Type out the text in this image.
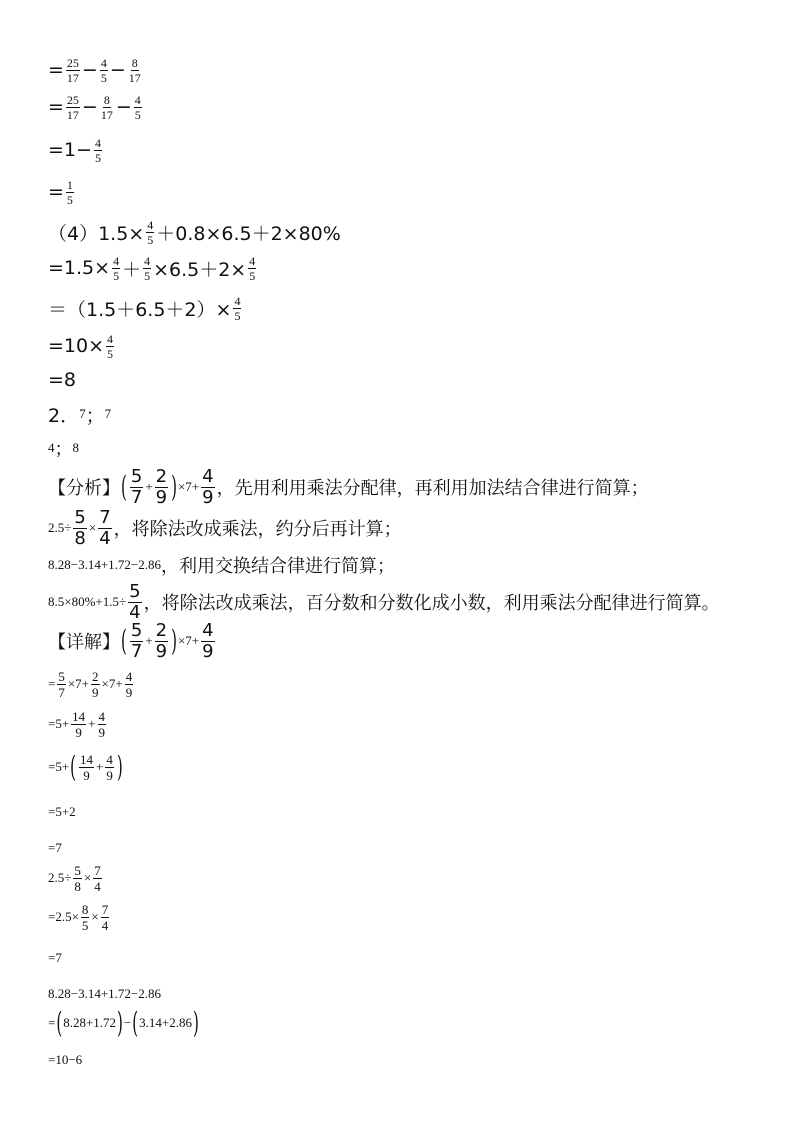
= $\frac{25}{17} - \frac{4}{5} - \frac{8}{17}$
= $\frac{25}{17} - \frac{8}{17} - \frac{4}{5}$
$=1- \frac{4}{5}$
= $\frac{1}{5}$
$(4)1.5\times \frac{4}{5} +0.8\times 6.5+2\times 80\%$
$=1.5\times \frac{4}{5} + \frac{4}{5} \times 6.5+2\times \frac{4}{5}$
$=(1.5+6.5+2)\times \frac{4}{5}$
$=10\times \frac{4}{5}$
=8
2． 7 ； 7
4 ； 8
【分析】 ( $\frac{5}{7} + \frac{2}{9}$ ) $\times 7+ \frac{4}{9}$ ，先用利用乘法分配律，再利用加法结合律进行简算；
$2.5\div \frac{5}{8} \times \frac{7}{4}$ ，将除法改成乘法，约分后再计算；
8.28−3.14+1.72−2.86 ，利用交换结合律进行简算；
$8.5\times 80\%+1.5\div \frac{5}{4}$ ，将除法改成乘法，百分数和分数化成小数，利用乘法分配律进行简算。
【详解】 ( $\frac{5}{7} + \frac{2}{9}$ ) $\times 7+ \frac{4}{9}$
= $\frac{5}{7} \times 7+ \frac{2}{9} \times 7+ \frac{4}{9}$
$=5+ \frac{14}{9} + \frac{4}{9}$
=5+ ( $\frac{14}{9} + \frac{4}{9}$ )
=5+2
=7
$2.5\div \frac{5}{8} \times \frac{7}{4}$
$=2.5\times \frac{8}{5} \times \frac{7}{4}$
=7
8.28−3.14+1.72−2.86
= ( 8.28+1.72 ) − ( 3.14+2.86 )
=10−6
